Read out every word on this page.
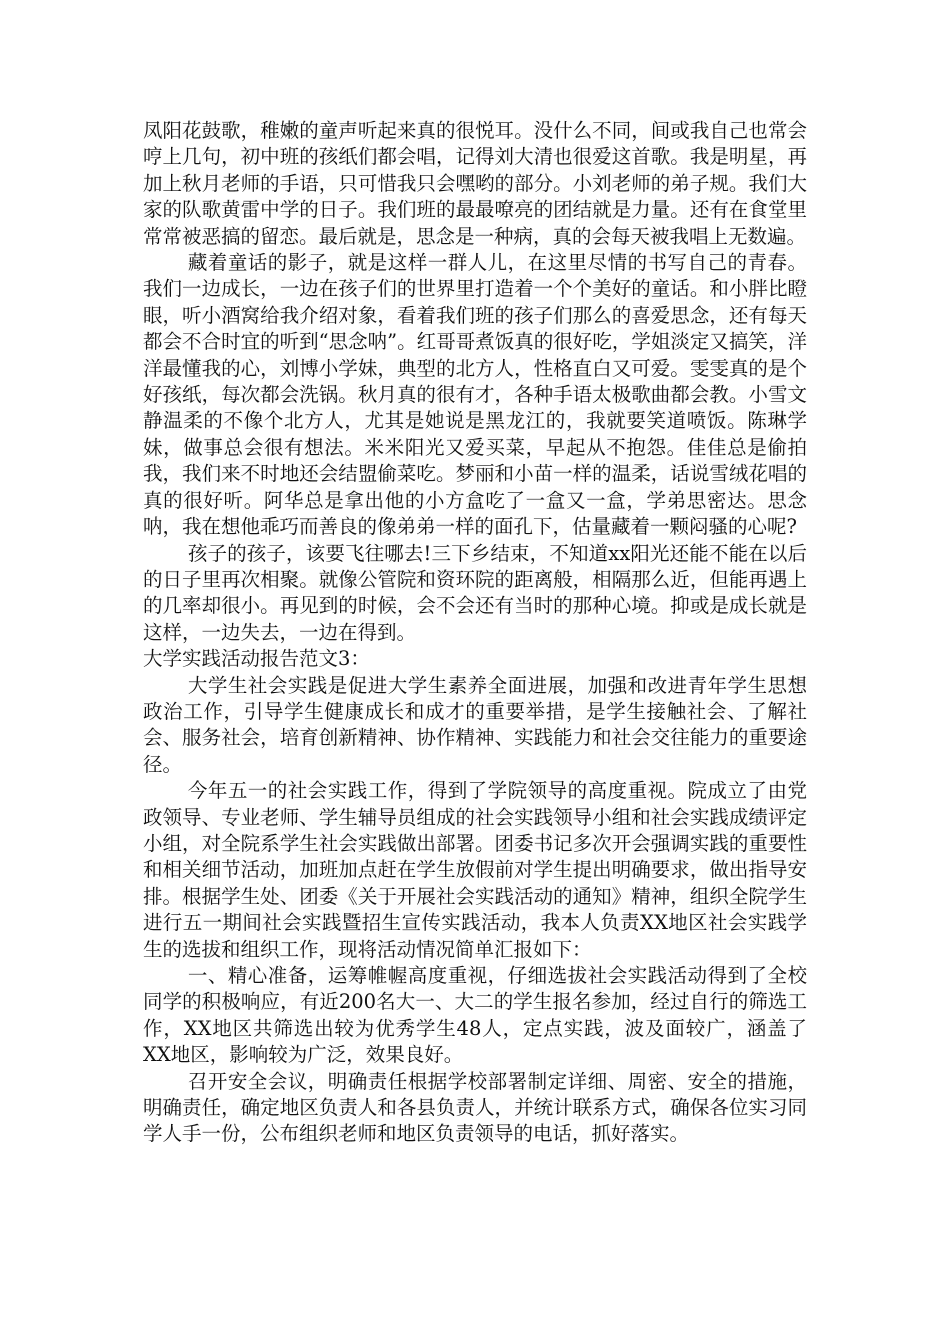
凤阳花鼓歌，稚嫩的童声听起来真的很悦耳。没什么不同，间或我自己也常会哼上几句，初中班的孩纸们都会唱，记得刘大清也很爱这首歌。我是明星，再加上秋月老师的手语，只可惜我只会嘿哟的部分。小刘老师的弟子规。我们大家的队歌黄雷中学的日子。我们班的最最嘹亮的团结就是力量。还有在食堂里常常被恶搞的留恋。最后就是，思念是一种病，真的会每天被我唱上无数遍。

藏着童话的影子，就是这样一群人儿，在这里尽情的书写自己的青春。我们一边成长，一边在孩子们的世界里打造着一个个美好的童话。和小胖比瞪眼，听小酒窝给我介绍对象，看着我们班的孩子们那么的喜爱思念，还有每天都会不合时宜的听到“思念呐”。红哥哥煮饭真的很好吃，学姐淡定又搞笑，洋洋最懂我的心，刘博小学妹，典型的北方人，性格直白又可爱。雯雯真的是个好孩纸，每次都会洗锅。秋月真的很有才，各种手语太极歌曲都会教。小雪文静温柔的不像个北方人，尤其是她说是黑龙江的，我就要笑道喷饭。陈琳学妹，做事总会很有想法。米米阳光又爱买菜，早起从不抱怨。佳佳总是偷拍我，我们来不时地还会结盟偷菜吃。梦丽和小苗一样的温柔，话说雪绒花唱的真的很好听。阿华总是拿出他的小方盒吃了一盒又一盒，学弟思密达。思念呐，我在想他乖巧而善良的像弟弟一样的面孔下，估量藏着一颗闷骚的心呢?

孩子的孩子，该要飞往哪去!三下乡结束，不知道xx阳光还能不能在以后的日子里再次相聚。就像公管院和资环院的距离般，相隔那么近，但能再遇上的几率却很小。再见到的时候，会不会还有当时的那种心境。抑或是成长就是这样，一边失去，一边在得到。

大学实践活动报告范文3：

大学生社会实践是促进大学生素养全面进展，加强和改进青年学生思想政治工作，引导学生健康成长和成才的重要举措，是学生接触社会、了解社会、服务社会，培育创新精神、协作精神、实践能力和社会交往能力的重要途径。

今年五一的社会实践工作，得到了学院领导的高度重视。院成立了由党政领导、专业老师、学生辅导员组成的社会实践领导小组和社会实践成绩评定小组，对全院系学生社会实践做出部署。团委书记多次开会强调实践的重要性和相关细节活动，加班加点赶在学生放假前对学生提出明确要求，做出指导安排。根据学生处、团委《关于开展社会实践活动的通知》精神，组织全院学生进行五一期间社会实践暨招生宣传实践活动，我本人负责XX地区社会实践学生的选拔和组织工作，现将活动情况简单汇报如下：

一、精心准备，运筹帷幄高度重视，仔细选拔社会实践活动得到了全校同学的积极响应，有近200名大一、大二的学生报名参加，经过自行的筛选工作，XX地区共筛选出较为优秀学生48人，定点实践，波及面较广，涵盖了XX地区，影响较为广泛，效果良好。

召开安全会议，明确责任根据学校部署制定详细、周密、安全的措施，明确责任，确定地区负责人和各县负责人，并统计联系方式，确保各位实习同学人手一份，公布组织老师和地区负责领导的电话，抓好落实。
